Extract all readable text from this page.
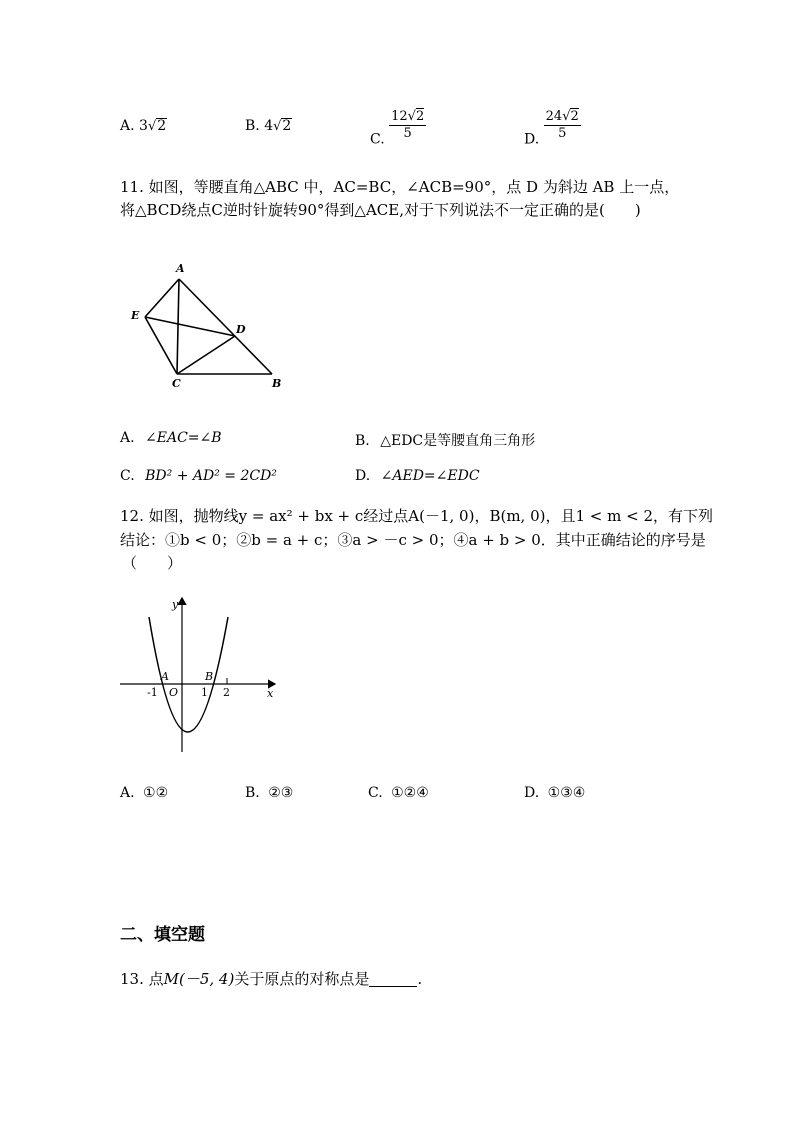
A. 3√2	B. 4√2
C. $\frac{12√2}{5}$	D. $\frac{24√2}{5}$
11. 如图，等腰直角△ABC 中，AC=BC，∠ACB=90°，点 D 为斜边 AB 上一点，
将△BCD绕点C逆时针旋转90°得到△ACE,对于下列说法不一定正确的是(　　)
A
E
D
C	B
A. ∠EAC=∠B	B. △EDC是等腰直角三角形
C. BD² + AD² = 2CD²	D. ∠AED=∠EDC
12. 如图，抛物线y = ax² + bx + c经过点A(－1, 0)，B(m, 0)，且1 < m < 2，有下列
结论：①b < 0；②b = a + c；③a > －c > 0；④a + b > 0．其中正确结论的序号是
（　　）
y
x
O
A	B
-1	1 2
A. ①②	B. ②③	C. ①②④	D. ①③④
二、填空题
13. 点M(－5, 4)关于原点的对称点是	.
